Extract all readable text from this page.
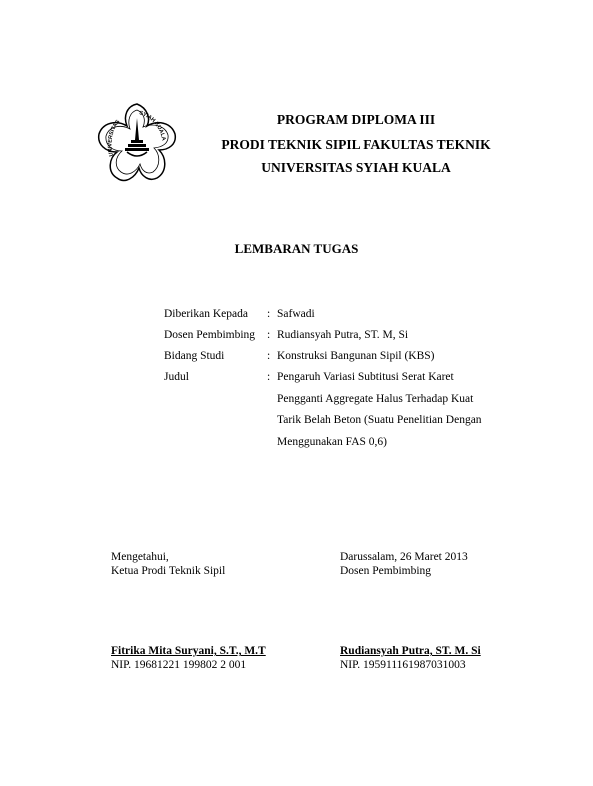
UNIVERSITAS
SYIAH KUALA
PROGRAM DIPLOMA III
PRODI TEKNIK SIPIL FAKULTAS TEKNIK
UNIVERSITAS SYIAH KUALA
LEMBARAN TUGAS
Diberikan Kepada : Safwadi
Dosen Pembimbing : Rudiansyah Putra, ST. M, Si
Bidang Studi	: Konstruksi Bangunan Sipil (KBS)
Judul	: Pengaruh Variasi Subtitusi Serat Karet
Pengganti Aggregate Halus Terhadap Kuat
Tarik Belah Beton (Suatu Penelitian Dengan
Menggunakan FAS 0,6)
Mengetahui,
Ketua Prodi Teknik Sipil
Fitrika Mita Suryani, S.T., M.T
NIP. 19681221 199802 2 001
Darussalam, 26 Maret 2013
Dosen Pembimbing
Rudiansyah Putra, ST. M. Si
NIP. 195911161987031003
